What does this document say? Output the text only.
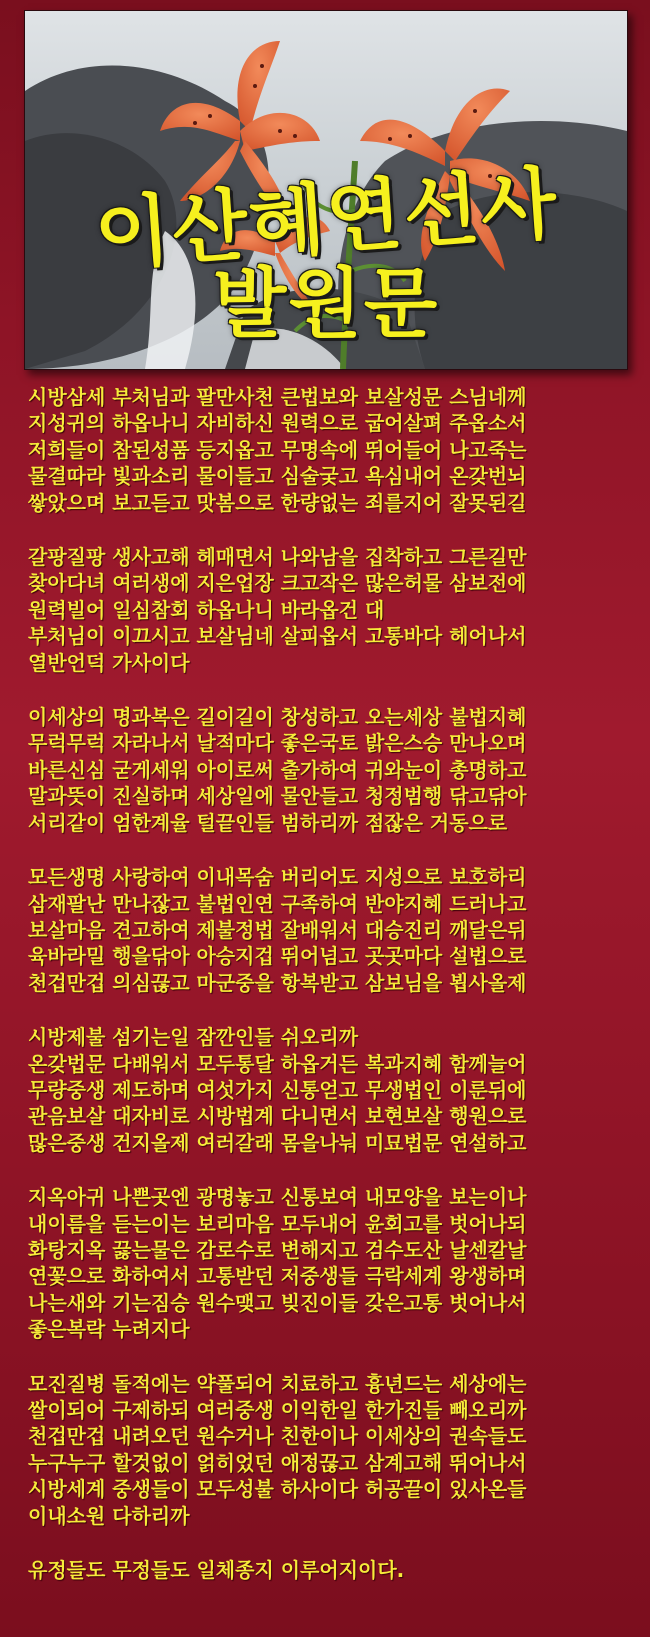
이산혜연선사
발원문
시방삼세 부처님과 팔만사천 큰법보와 보살성문 스님네께
지성귀의 하옵나니 자비하신 원력으로 굽어살펴 주옵소서
저희들이 참된성품 등지옵고 무명속에 뛰어들어 나고죽는
물결따라 빛과소리 물이들고 심술궂고 욕심내어 온갖번뇌
쌓았으며 보고듣고 맛봄으로 한량없는 죄를지어 잘못된길
갈팡질팡 생사고해 헤매면서 나와남을 집착하고 그른길만
찾아다녀 여러생에 지은업장 크고작은 많은허물 삼보전에
원력빌어 일심참회 하옵나니 바라옵건 대
부처님이 이끄시고 보살님네 살피옵서 고통바다 헤어나서
열반언덕 가사이다
이세상의 명과복은 길이길이 창성하고 오는세상 불법지혜
무럭무럭 자라나서 날적마다 좋은국토 밝은스승 만나오며
바른신심 굳게세워 아이로써 출가하여 귀와눈이 총명하고
말과뜻이 진실하며 세상일에 물안들고 청정범행 닦고닦아
서리같이 엄한계율 털끝인들 범하리까 점잖은 거동으로
모든생명 사랑하여 이내목숨 버리어도 지성으로 보호하리
삼재팔난 만나잖고 불법인연 구족하여 반야지혜 드러나고
보살마음 견고하여 제불정법 잘배워서 대승진리 깨달은뒤
육바라밀 행을닦아 아승지겁 뛰어넘고 곳곳마다 설법으로
천겁만겁 의심끊고 마군중을 항복받고 삼보님을 뵙사올제
시방제불 섬기는일 잠깐인들 쉬오리까
온갖법문 다배워서 모두통달 하옵거든 복과지혜 함께늘어
무량중생 제도하며 여섯가지 신통얻고 무생법인 이룬뒤에
관음보살 대자비로 시방법계 다니면서 보현보살 행원으로
많은중생 건지올제 여러갈래 몸을나눠 미묘법문 연설하고
지옥아귀 나쁜곳엔 광명놓고 신통보여 내모양을 보는이나
내이름을 듣는이는 보리마음 모두내어 윤회고를 벗어나되
화탕지옥 끓는물은 감로수로 변해지고 검수도산 날센칼날
연꽃으로 화하여서 고통받던 저중생들 극락세계 왕생하며
나는새와 기는짐승 원수맺고 빚진이들 갖은고통 벗어나서
좋은복락 누려지다
모진질병 돌적에는 약풀되어 치료하고 흉년드는 세상에는
쌀이되어 구제하되 여러중생 이익한일 한가진들 빼오리까
천겁만겁 내려오던 원수거나 친한이나 이세상의 권속들도
누구누구 할것없이 얽히었던 애정끊고 삼계고해 뛰어나서
시방세계 중생들이 모두성불 하사이다 허공끝이 있사온들
이내소원 다하리까
유정들도 무정들도 일체종지 이루어지이다.
